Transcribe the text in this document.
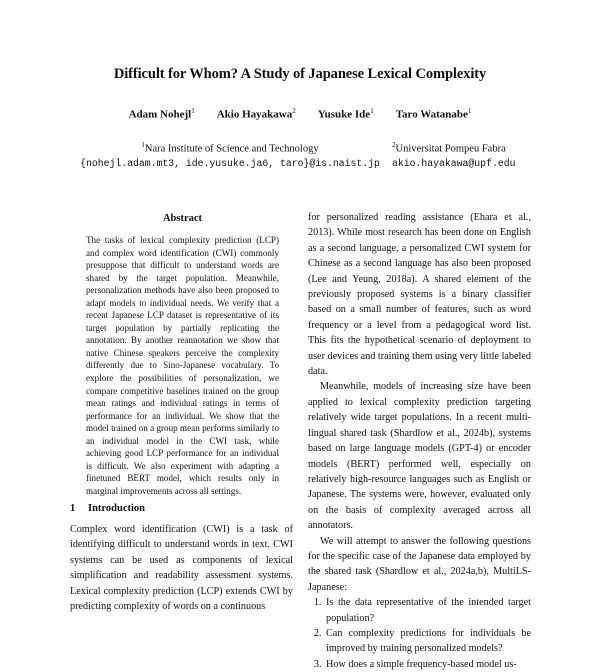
Difficult for Whom? A Study of Japanese Lexical Complexity
Adam Nohejl$^1$ Akio Hayakawa$^2$ Yusuke Ide$^1$ Taro Watanabe$^1$
$^1$Nara Institute of Science and Technology
{nohejl.adam.mt3, ide.yusuke.ja6, taro}@is.naist.jp
$^2$Universitat Pompeu Fabra
akio.hayakawa@upf.edu
Abstract

The tasks of lexical complexity prediction (LCP) and complex word identification (CWI) commonly presuppose that difficult to understand words are shared by the target population. Meanwhile, personalization methods have also been proposed to adapt models to individual needs. We verify that a recent Japanese LCP dataset is representative of its target population by partially replicating the annotation. By another reannotation we show that native Chinese speakers perceive the complexity differently due to Sino-Japanese vocabulary. To explore the possibilities of personalization, we compare competitive baselines trained on the group mean ratings and individual ratings in terms of performance for an individual. We show that the model trained on a group mean performs similarly to an individual model in the CWI task, while achieving good LCP performance for an individual is difficult. We also experiment with adapting a finetuned BERT model, which results only in marginal improvements across all settings.

1 Introduction

Complex word identification (CWI) is a task of identifying difficult to understand words in text. CWI systems can be used as components of lexical simplification and readability assessment systems. Lexical complexity prediction (LCP) extends CWI by predicting complexity of words on a continuous

for personalized reading assistance (Ehara et al., 2013). While most research has been done on English as a second language, a personalized CWI system for Chinese as a second language has also been proposed (Lee and Yeung, 2018a). A shared element of the previously proposed systems is a binary classifier based on a small number of features, such as word frequency or a level from a pedagogical word list. This fits the hypothetical scenario of deployment to user devices and training them using very little labeled data.

Meanwhile, models of increasing size have been applied to lexical complexity prediction targeting relatively wide target populations. In a recent multi-lingual shared task (Shardlow et al., 2024b), systems based on large language models (GPT-4) or encoder models (BERT) performed well, especially on relatively high-resource languages such as English or Japanese. The systems were, however, evaluated only on the basis of complexity averaged across all annotators.

We will attempt to answer the following questions for the specific case of the Japanese data employed by the shared task (Shardlow et al., 2024a,b), MultiLS-Japanese:

1. Is the data representative of the intended target population?
2. Can complexity predictions for individuals be improved by training personalized models?
3. How does a simple frequency-based model us-
